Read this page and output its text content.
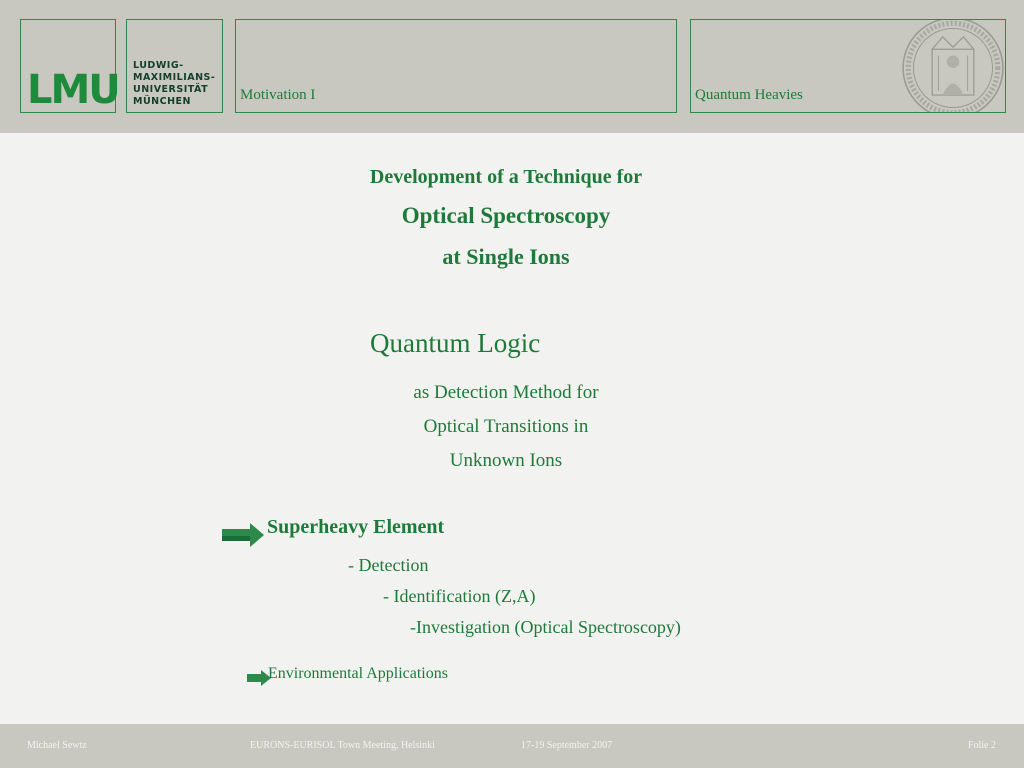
LMU
LUDWIG-
MAXIMILIANS-
UNIVERSITÄT
MÜNCHEN	Motivation I	Quantum Heavies
Development of a Technique for
Optical Spectroscopy
at Single Ions
Quantum Logic
as Detection Method for
Optical Transitions in
Unknown Ions
Superheavy Element
- Detection
- Identification (Z,A)
-Investigation (Optical Spectroscopy)
Environmental Applications
Michael Sewtz	EURONS-EURISOL Town Meeting, Helsinki	17-19 September 2007	Folie 2
